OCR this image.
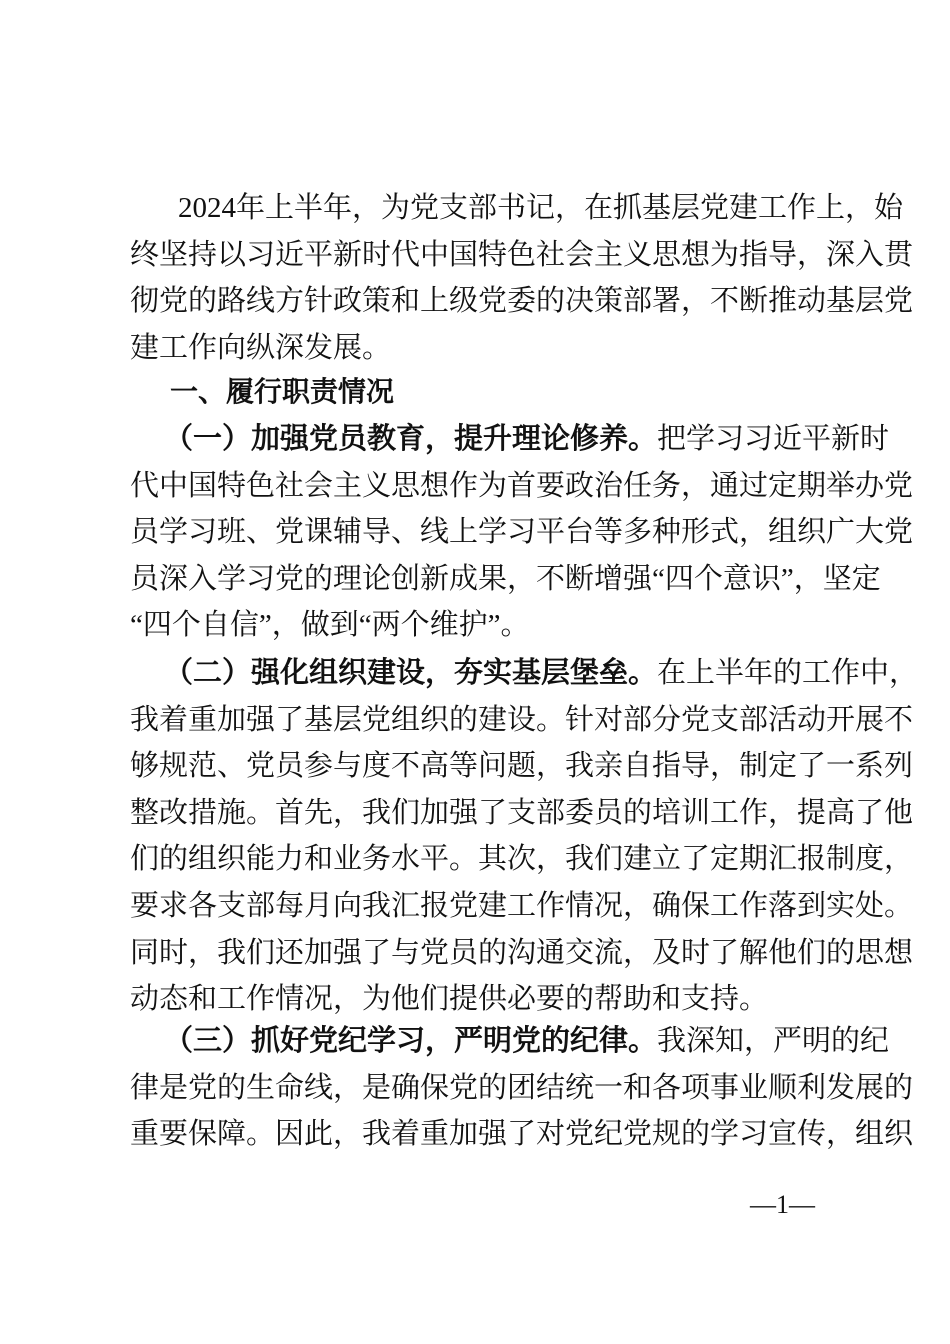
2024年上半年，为党支部书记，在抓基层党建工作上，始
终坚持以习近平新时代中国特色社会主义思想为指导，深入贯
彻党的路线方针政策和上级党委的决策部署，不断推动基层党
建工作向纵深发展。
一、履行职责情况
（一）加强党员教育，提升理论修养。把学习习近平新时
代中国特色社会主义思想作为首要政治任务，通过定期举办党
员学习班、党课辅导、线上学习平台等多种形式，组织广大党
员深入学习党的理论创新成果，不断增强“四个意识”，坚定
“四个自信”，做到“两个维护”。
（二）强化组织建设，夯实基层堡垒。在上半年的工作中，
我着重加强了基层党组织的建设。针对部分党支部活动开展不
够规范、党员参与度不高等问题，我亲自指导，制定了一系列
整改措施。首先，我们加强了支部委员的培训工作，提高了他
们的组织能力和业务水平。其次，我们建立了定期汇报制度，
要求各支部每月向我汇报党建工作情况，确保工作落到实处。
同时，我们还加强了与党员的沟通交流，及时了解他们的思想
动态和工作情况，为他们提供必要的帮助和支持。
（三）抓好党纪学习，严明党的纪律。我深知，严明的纪
律是党的生命线，是确保党的团结统一和各项事业顺利发展的
重要保障。因此，我着重加强了对党纪党规的学习宣传，组织
—1—
